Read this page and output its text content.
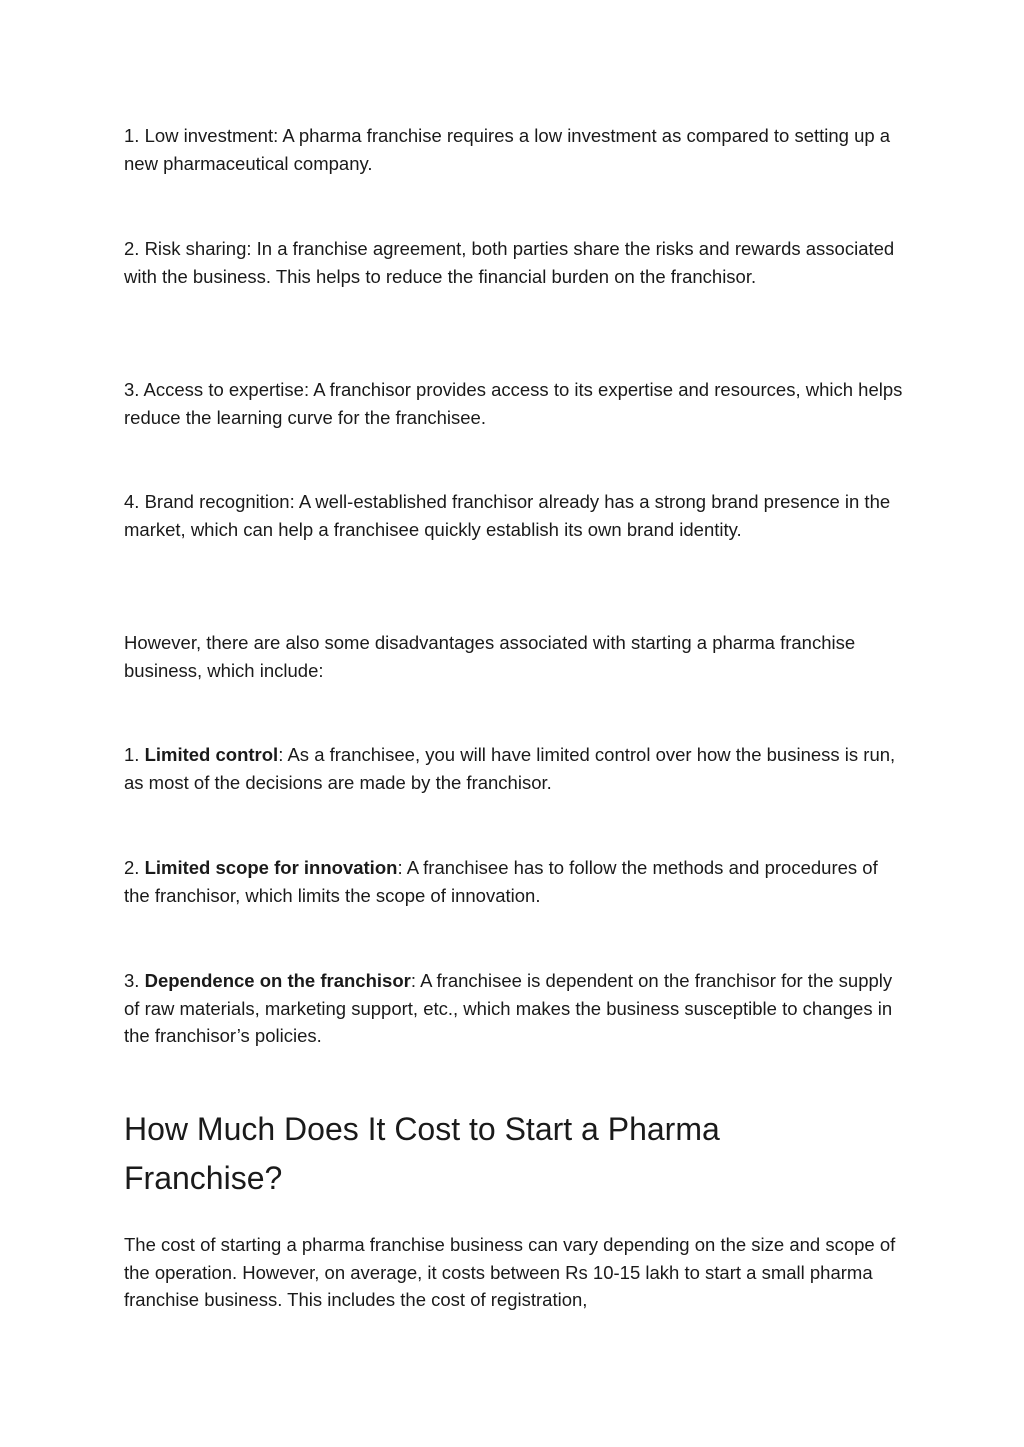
1. Low investment: A pharma franchise requires a low investment as compared to setting up a new pharmaceutical company.

2. Risk sharing: In a franchise agreement, both parties share the risks and rewards associated with the business. This helps to reduce the financial burden on the franchisor.

3. Access to expertise: A franchisor provides access to its expertise and resources, which helps reduce the learning curve for the franchisee.

4. Brand recognition: A well-established franchisor already has a strong brand presence in the market, which can help a franchisee quickly establish its own brand identity.

However, there are also some disadvantages associated with starting a pharma franchise business, which include:

1. Limited control: As a franchisee, you will have limited control over how the business is run, as most of the decisions are made by the franchisor.

2. Limited scope for innovation: A franchisee has to follow the methods and procedures of the franchisor, which limits the scope of innovation.

3. Dependence on the franchisor: A franchisee is dependent on the franchisor for the supply of raw materials, marketing support, etc., which makes the business susceptible to changes in the franchisor’s policies.

How Much Does It Cost to Start a Pharma Franchise?

The cost of starting a pharma franchise business can vary depending on the size and scope of the operation. However, on average, it costs between Rs 10-15 lakh to start a small pharma franchise business. This includes the cost of registration,
